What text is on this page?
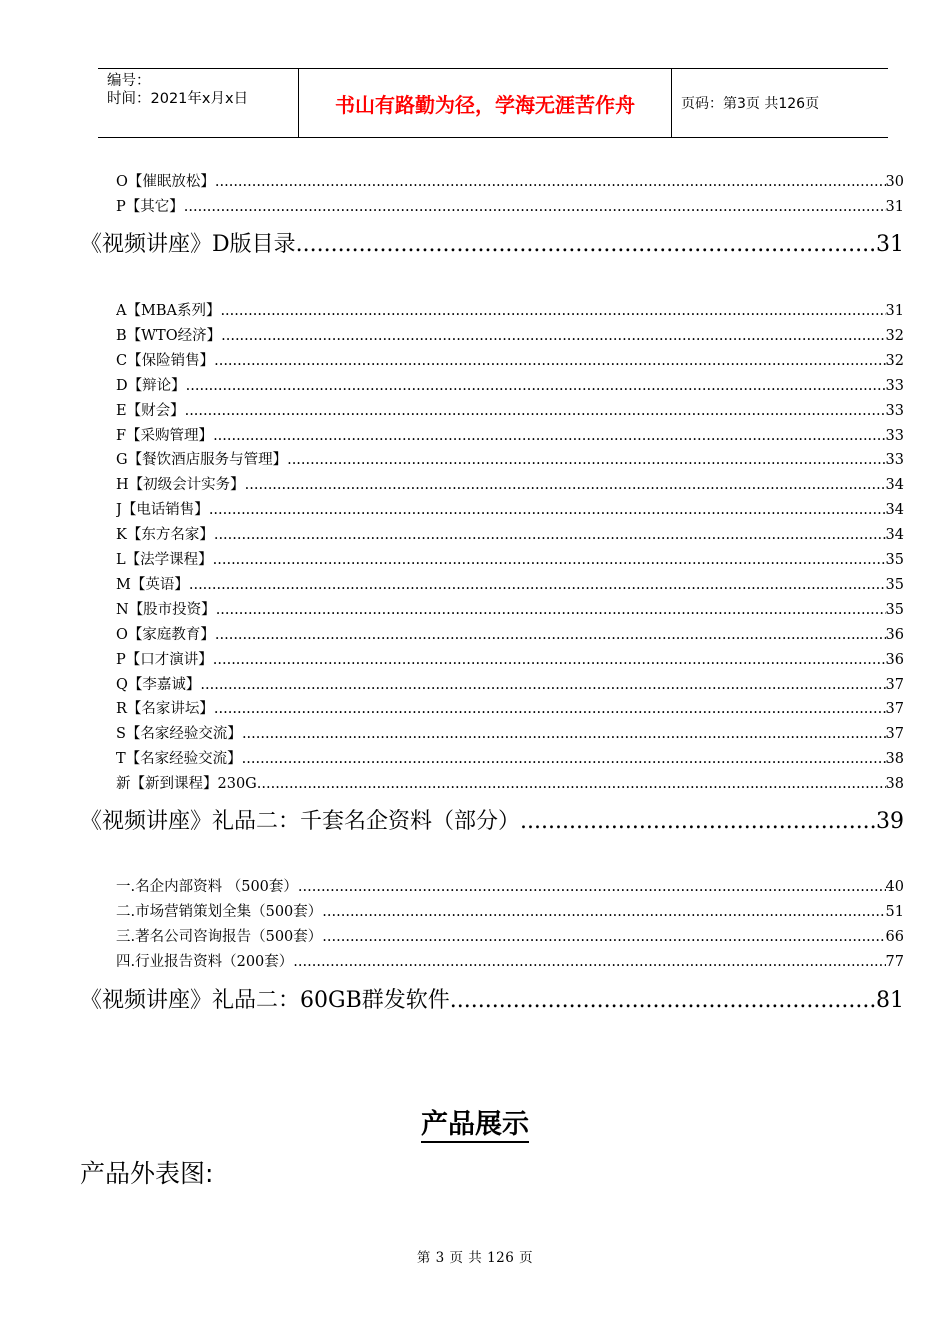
编号：
时间：2021年x月x日	书山有路勤为径，学海无涯苦作舟	页码：第3页 共126页
O【催眠放松】 .....	30
P【其它】 .....	31
《视频讲座》D版目录 .....	31
A【MBA系列】 .....	31
B【WTO经济】 .....	32
C【保险销售】 .....	32
D【辩论】 .....	33
E【财会】 .....	33
F【采购管理】 .....	33
G【餐饮酒店服务与管理】 .....	33
H【初级会计实务】 .....	34
J【电话销售】 .....	34
K【东方名家】 .....	34
L【法学课程】 .....	35
M【英语】 .....	35
N【股市投资】 .....	35
O【家庭教育】 .....	36
P【口才演讲】 .....	36
Q【李嘉诚】 .....	37
R【名家讲坛】 .....	37
S【名家经验交流】 .....	37
T【名家经验交流】 .....	38
新【新到课程】230G .....	38
《视频讲座》礼品二：千套名企资料（部分） .....	39
一.名企内部资料 （500套） .....	40
二.市场营销策划全集（500套） .....	51
三.著名公司咨询报告（500套） .....	66
四.行业报告资料（200套） .....	77
《视频讲座》礼品二：60GB群发软件 .....	81
产品展示
产品外表图:
第 3 页 共 126 页
